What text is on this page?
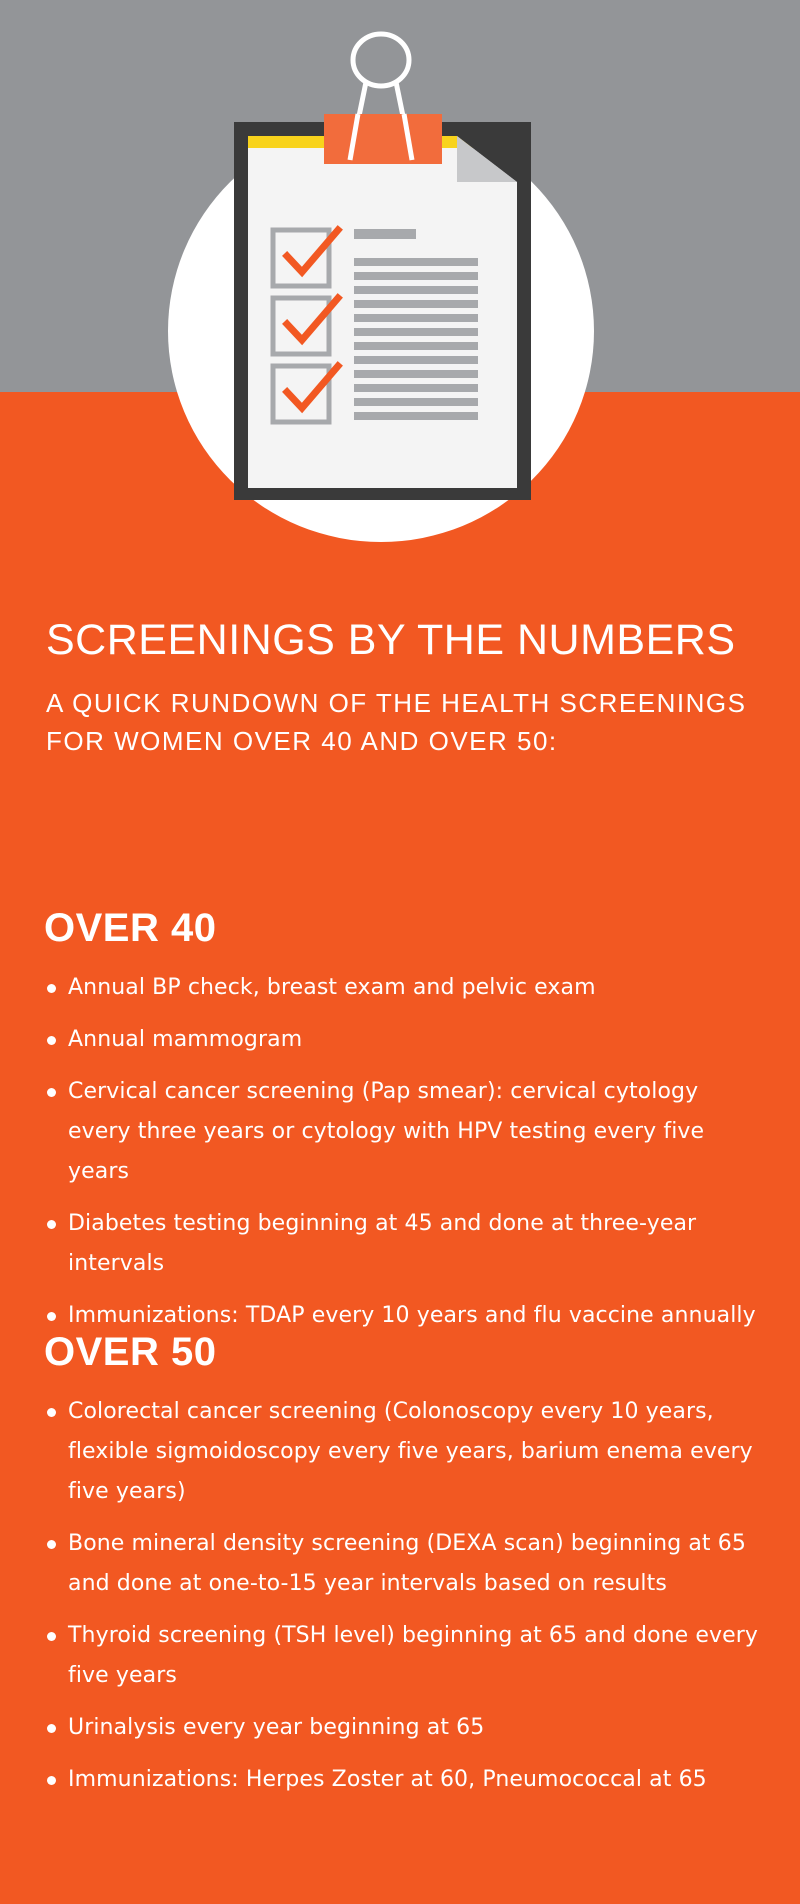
SCREENINGS BY THE NUMBERS

A QUICK RUNDOWN OF THE HEALTH SCREENINGS FOR WOMEN OVER 40 AND OVER 50:

OVER 40
Annual BP check, breast exam and pelvic exam
Annual mammogram
Cervical cancer screening (Pap smear): cervical cytology every three years or cytology with HPV testing every five years
Diabetes testing beginning at 45 and done at three-year intervals
Immunizations: TDAP every 10 years and flu vaccine annually
OVER 50
Colorectal cancer screening (Colonoscopy every 10 years, flexible sigmoidoscopy every five years, barium enema every five years)
Bone mineral density screening (DEXA scan) beginning at 65 and done at one-to-15 year intervals based on results
Thyroid screening (TSH level) beginning at 65 and done every five years
Urinalysis every year beginning at 65
Immunizations: Herpes Zoster at 60, Pneumococcal at 65
